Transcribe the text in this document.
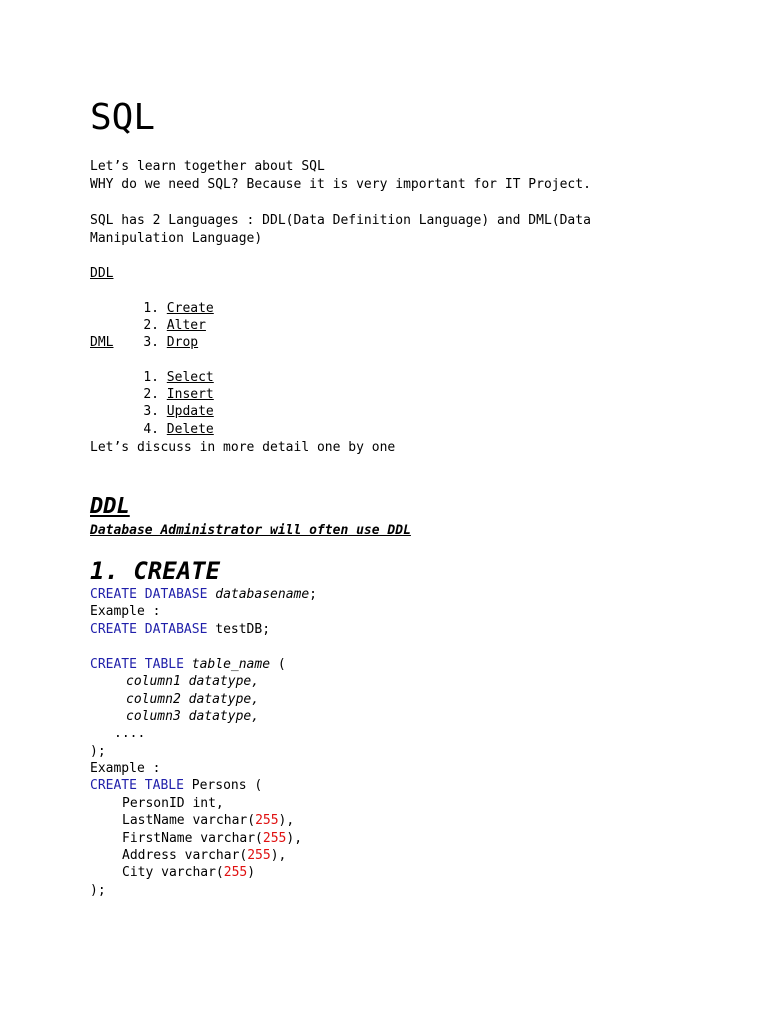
SQL
Let’s learn together about SQL
WHY do we need SQL? Because it is very important for IT Project.
SQL has 2 Languages : DDL(Data Definition Language) and DML(Data
Manipulation Language)
DDL

1. Create

2. Alter

3. Drop

DML

1. Select

2. Insert

3. Update

4. Delete

Let’s discuss in more detail one by one
DDL
Database Administrator will often use DDL
1. CREATE
CREATE DATABASE databasename;
Example :
CREATE DATABASE testDB;
CREATE TABLE table_name (
column1 datatype,
column2 datatype,
column3 datatype,
....
);
Example :
CREATE TABLE Persons (
PersonID int,
LastName varchar(255),
FirstName varchar(255),
Address varchar(255),
City varchar(255)
);
